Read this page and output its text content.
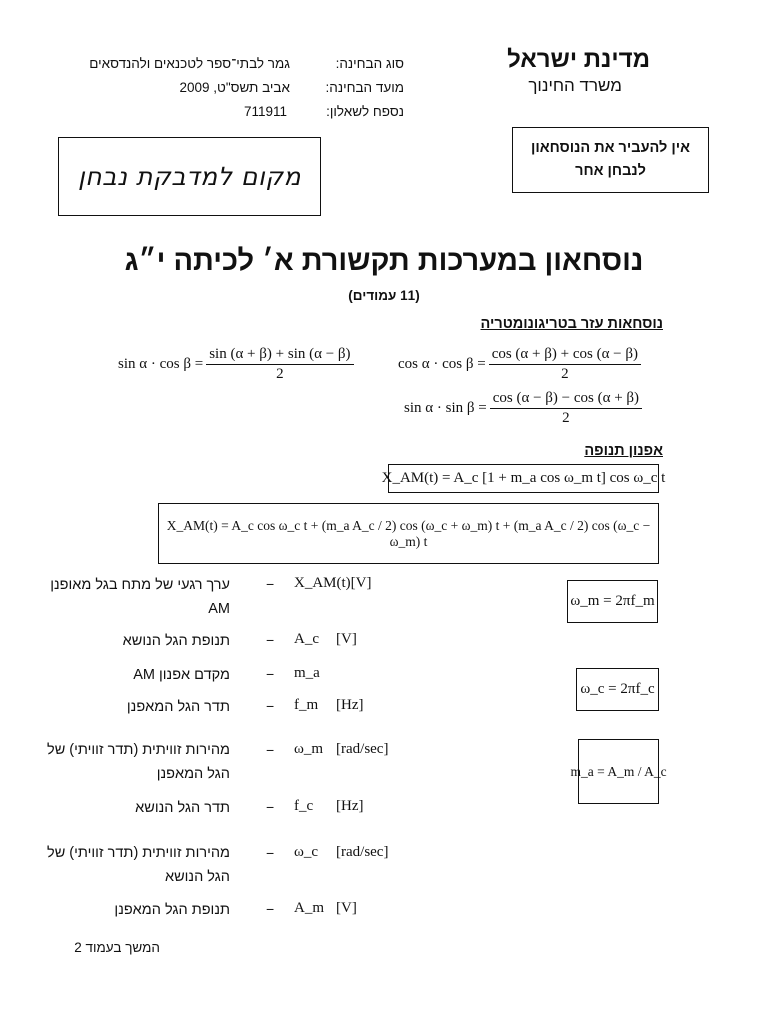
מדינת ישראל
משרד החינוך
סוג הבחינה:
גמר לבתי־ספר לטכנאים ולהנדסאים
מועד הבחינה:
אביב תשס"ט, 2009
נספח לשאלון:
711911
אין להעביר את הנוסחאון
לנבחן אחר
מקום למדבקת נבחן
נוסחאון במערכות תקשורת א׳ לכיתה י״ג
(11 עמודים)
נוסחאות עזר בטריגונומטריה
$\sin \alpha \cdot \cos \beta = \frac{\sin (\alpha + \beta) + \sin (\alpha - \beta)}{2}$	$\cos \alpha \cdot \cos \beta = \frac{\cos (\alpha + \beta) + \cos (\alpha - \beta)}{2}$
$\sin \alpha \cdot \sin \beta = \frac{\cos (\alpha - \beta) - \cos (\alpha + \beta)}{2}$
אפנון תנופה
X_AM(t) = A_c [1 + m_a cos ω_m t] cos ω_c t
X_AM(t) = A_c cos ω_c t + (m_a A_c / 2) cos (ω_c + ω_m) t + (m_a A_c / 2) cos (ω_c − ω_m) t
ω_m = 2πf_m
ω_c = 2πf_c
m_a = A_m / A_c
ערך רגעי של מתח בגל מאופנן AM
− X_AM(t)[V]
תנופת הגל הנושא	− A_c [V]
מקדם אפנון AM	− m_a
תדר הגל המאפנן	− f_m [Hz]
מהירות זוויתית (תדר זוויתי) של הגל המאפנן
− ω_m [rad/sec]
תדר הגל הנושא	− f_c [Hz]
מהירות זוויתית (תדר זוויתי) של הגל הנושא
− ω_c [rad/sec]
תנופת הגל המאפנן	− A_m [V]
המשך בעמוד 2
